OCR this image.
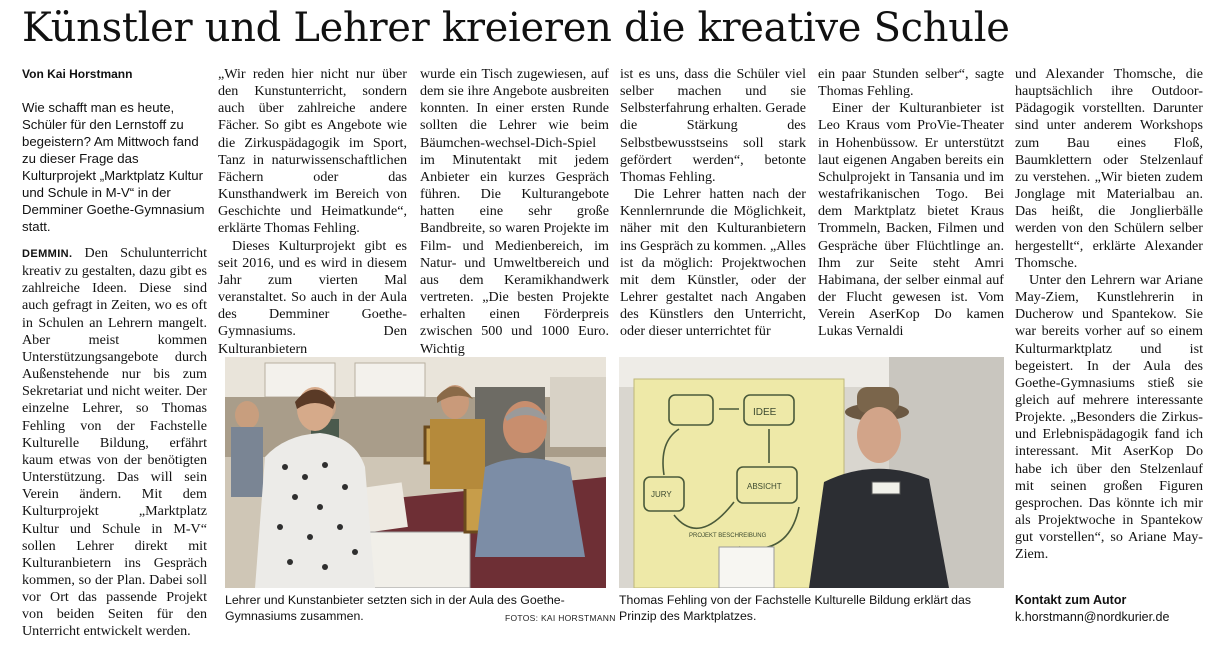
Künstler und Lehrer kreieren die kreative Schule
Von Kai Horstmann
Wie schafft man es heute, Schüler für den Lernstoff zu begeistern? Am Mittwoch fand zu dieser Frage das Kulturprojekt „Marktplatz Kultur und Schule in M-V“ in der Demminer Goethe-Gymnasium statt.

DEMMIN. Den Schulunterricht kreativ zu gestalten, dazu gibt es zahlreiche Ideen. Diese sind auch gefragt in Zeiten, wo es oft in Schulen an Lehrern mangelt. Aber meist kommen Unterstützungsangebote durch Außenstehende nur bis zum Sekretariat und nicht weiter. Der einzelne Lehrer, so Thomas Fehling von der Fachstelle Kulturelle Bildung, erfährt kaum etwas von der benötigten Unterstützung. Das will sein Verein ändern. Mit dem Kulturprojekt „Marktplatz Kultur und Schule in M-V“ sollen Lehrer direkt mit Kulturanbietern ins Gespräch kommen, so der Plan. Dabei soll vor Ort das passende Projekt von beiden Seiten für den Unterricht entwickelt werden.

„Wir reden hier nicht nur über den Kunstunterricht, sondern auch über zahlreiche andere Fächer. So gibt es Angebote wie die Zirkuspädagogik im Sport, Tanz in naturwissenschaftlichen Fächern oder das Kunsthandwerk im Bereich von Geschichte und Heimatkunde“, erklärte Thomas Fehling.

Dieses Kulturprojekt gibt es seit 2016, und es wird in diesem Jahr zum vierten Mal veranstaltet. So auch in der Aula des Demminer Goethe-Gymnasiums. Den Kulturanbietern

wurde ein Tisch zugewiesen, auf dem sie ihre Angebote ausbreiten konnten. In einer ersten Runde sollten die Lehrer wie beim Bäumchen-wechsel-Dich-Spiel im Minutentakt mit jedem Anbieter ein kurzes Gespräch führen. Die Kulturangebote hatten eine sehr große Bandbreite, so waren Projekte im Film- und Medienbereich, im Natur- und Umweltbereich und aus dem Keramikhandwerk vertreten. „Die besten Projekte erhalten einen Förderpreis zwischen 500 und 1000 Euro. Wichtig

ist es uns, dass die Schüler viel selber machen und sie Selbsterfahrung erhalten. Gerade die Stärkung des Selbstbewusstseins soll stark gefördert werden“, betonte Thomas Fehling.

Die Lehrer hatten nach der Kennlernrunde die Möglichkeit, näher mit den Kulturanbietern ins Gespräch zu kommen. „Alles ist da möglich: Projektwochen mit dem Künstler, oder der Lehrer gestaltet nach Angaben des Künstlers den Unterricht, oder dieser unterrichtet für

ein paar Stunden selber“, sagte Thomas Fehling.

Einer der Kulturanbieter ist Leo Kraus vom ProVie-Theater in Hohenbüssow. Er unterstützt laut eigenen Angaben bereits ein Schulprojekt in Tansania und im westafrikanischen Togo. Bei dem Marktplatz bietet Kraus Trommeln, Backen, Filmen und Gespräche über Flüchtlinge an. Ihm zur Seite steht Amri Habimana, der selber einmal auf der Flucht gewesen ist. Vom Verein AserKop Do kamen Lukas Vernaldi

und Alexander Thomsche, die hauptsächlich ihre Outdoor-Pädagogik vorstellten. Darunter sind unter anderem Workshops zum Bau eines Floß, Baumklettern oder Stelzenlauf zu verstehen. „Wir bieten zudem Jonglage mit Materialbau an. Das heißt, die Jonglierbälle werden von den Schülern selber hergestellt“, erklärte Alexander Thomsche.

Unter den Lehrern war Ariane May-Ziem, Kunstlehrerin in Ducherow und Spantekow. Sie war bereits vorher auf so einem Kulturmarktplatz und ist begeistert. In der Aula des Goethe-Gymnasiums stieß sie gleich auf mehrere interessante Projekte. „Besonders die Zirkus- und Erlebnispädagogik fand ich interessant. Mit AserKop Do habe ich über den Stelzenlauf mit seinen großen Figuren gesprochen. Das könnte ich mir als Projektwoche in Spantekow gut vorstellen“, so Ariane May-Ziem.

Lehrer und Kunstanbieter setzten sich in der Aula des Goethe-Gymnasiums zusammen.	FOTOS: KAI HORSTMANN
IDEE
JURY
ABSICHT
PROJEKT BESCHREIBUNG
Thomas Fehling von der Fachstelle Kulturelle Bildung erklärt das Prinzip des Marktplatzes.
Kontakt zum Autor
k.horstmann@nordkurier.de
